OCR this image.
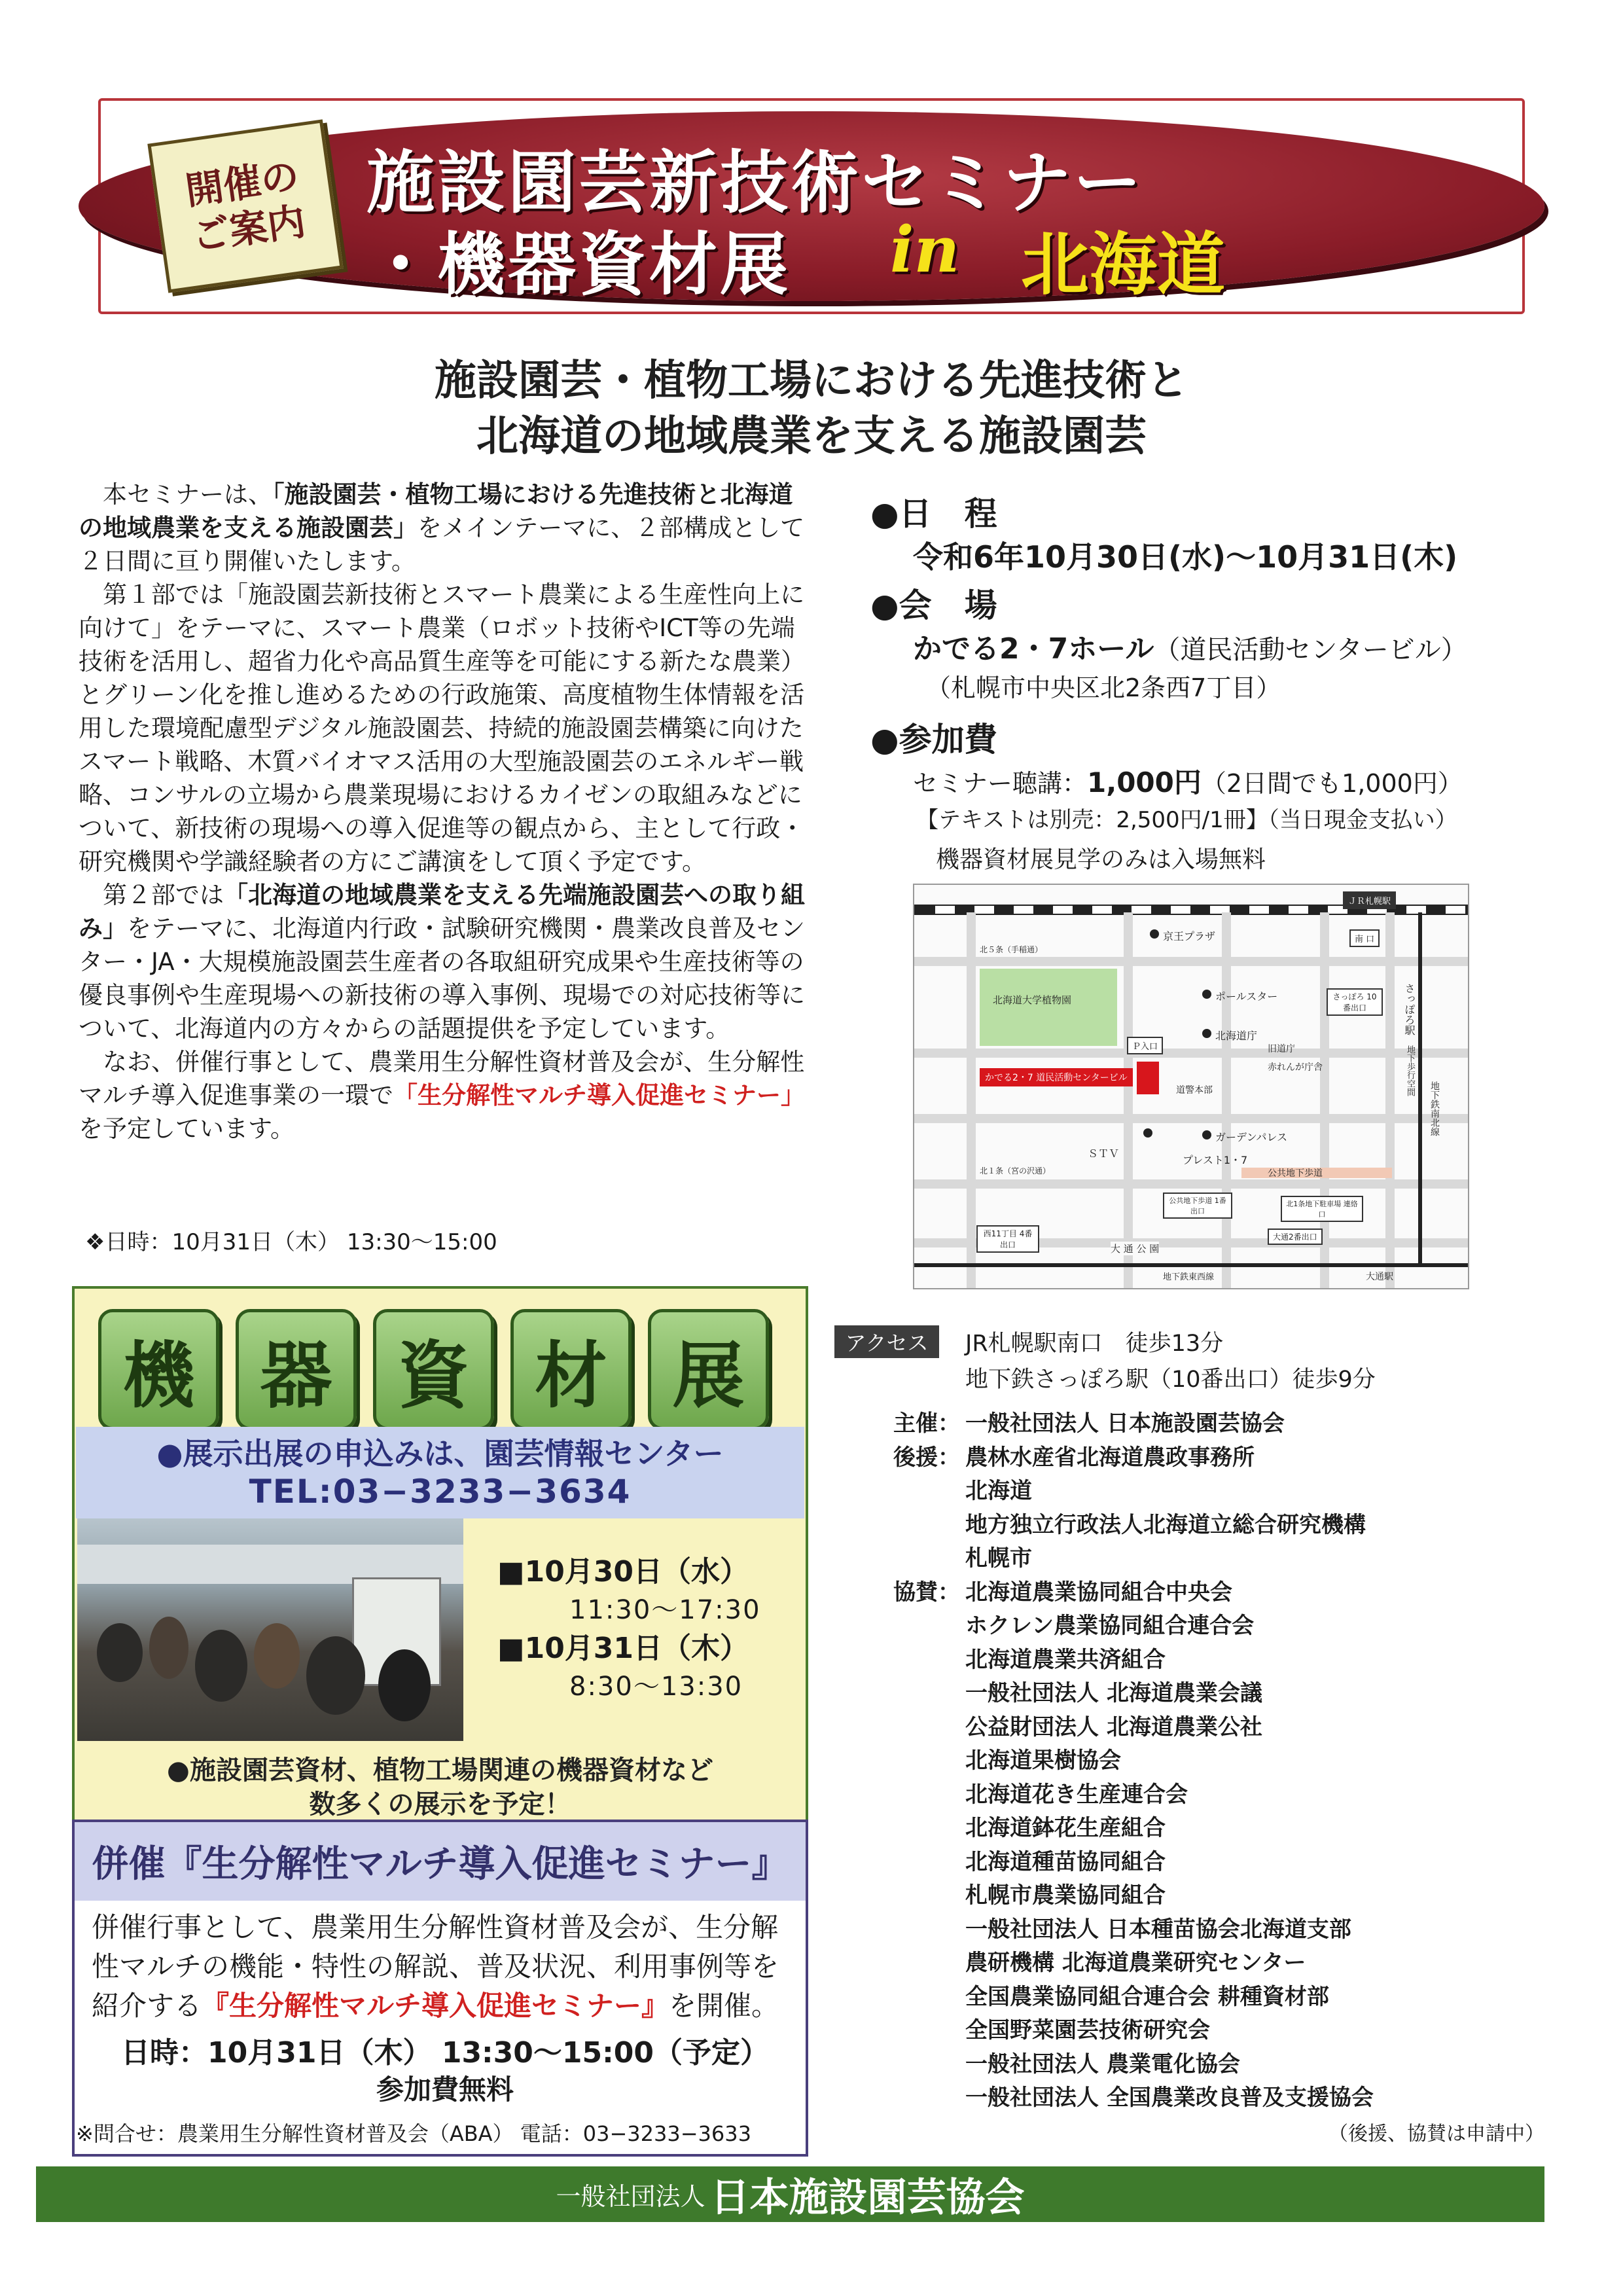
開催の
ご案内
施設園芸新技術セミナー
・機器資材展 in 北海道
施設園芸・植物工場における先進技術と
北海道の地域農業を支える施設園芸

本セミナーは、「施設園芸・植物工場における先進技術と北海道の地域農業を支える施設園芸」をメインテーマに、２部構成として２日間に亘り開催いたします。

第１部では「施設園芸新技術とスマート農業による生産性向上に向けて」をテーマに、スマート農業（ロボット技術やICT等の先端技術を活用し、超省力化や高品質生産等を可能にする新たな農業）とグリーン化を推し進めるための行政施策、高度植物生体情報を活用した環境配慮型デジタル施設園芸、持続的施設園芸構築に向けたスマート戦略、木質バイオマス活用の大型施設園芸のエネルギー戦略、コンサルの立場から農業現場におけるカイゼンの取組みなどについて、新技術の現場への導入促進等の観点から、主として行政・研究機関や学識経験者の方にご講演をして頂く予定です。

第２部では「北海道の地域農業を支える先端施設園芸への取り組み」をテーマに、北海道内行政・試験研究機関・農業改良普及センター・JA・大規模施設園芸生産者の各取組研究成果や生産技術等の優良事例や生産現場への新技術の導入事例、現場での対応技術等について、北海道内の方々からの話題提供を予定しています。

なお、併催行事として、農業用生分解性資材普及会が、生分解性マルチ導入促進事業の一環で「生分解性マルチ導入促進セミナー」を予定しています。

❖日時：10月31日（木） 13:30〜15:00
●日　程
令和6年10月30日(水)〜10月31日(木)
●会　場
かでる2・7ホール（道民活動センタービル）
（札幌市中央区北2条西7丁目）
●参加費
セミナー聴講：1,000円（2日間でも1,000円）
【テキストは別売：2,500円/1冊】（当日現金支払い）
機器資材展見学のみは入場無料
ＪＲ札幌駅
北海道大学植物園
北５条（手稲通）
かでる2・7 道民活動センタービル
Ｐ入口
京王プラザ	南 口
ポールスター	さっぽろ 10番出口	さっぽろ駅
北海道庁
旧道庁
赤れんが庁舎
道警本部
ガーデンパレス
ＳＴＶ
プレスト1・7
北１条（宮の沢通）	公共地下歩道
公共地下歩道 1番出口
北1条地下駐車場 連絡口
西11丁目 4番出口	大 通 公 園
大通2番出口
地下鉄東西線	大通駅
地下鉄南北線
地下歩行空間
アクセス	JR札幌駅南口　徒歩13分
地下鉄さっぽろ駅（10番出口）徒歩9分
主催： 一般社団法人 日本施設園芸協会
後援： 農林水産省北海道農政事務所
北海道
地方独立行政法人北海道立総合研究機構
札幌市
協賛： 北海道農業協同組合中央会
ホクレン農業協同組合連合会
北海道農業共済組合
一般社団法人 北海道農業会議
公益財団法人 北海道農業公社
北海道果樹協会
北海道花き生産連合会
北海道鉢花生産組合
北海道種苗協同組合
札幌市農業協同組合
一般社団法人 日本種苗協会北海道支部
農研機構 北海道農業研究センター
全国農業協同組合連合会 耕種資材部
全国野菜園芸技術研究会
一般社団法人 農業電化協会
一般社団法人 全国農業改良普及支援協会
（後援、協賛は申請中）
機 器 資 材 展
●展示出展の申込みは、園芸情報センター
TEL:03−3233−3634
■10月30日（水）
11:30〜17:30
■10月31日（木）
8:30〜13:30
●施設園芸資材、植物工場関連の機器資材など
数多くの展示を予定！
併催『生分解性マルチ導入促進セミナー』
併催行事として、農業用生分解性資材普及会が、生分解性マルチの機能・特性の解説、普及状況、利用事例等を紹介する『生分解性マルチ導入促進セミナー』を開催。
日時：10月31日（木） 13:30〜15:00（予定）
参加費無料
※問合せ：農業用生分解性資材普及会（ABA） 電話：03−3233−3633
一般社団法人 日本施設園芸協会
